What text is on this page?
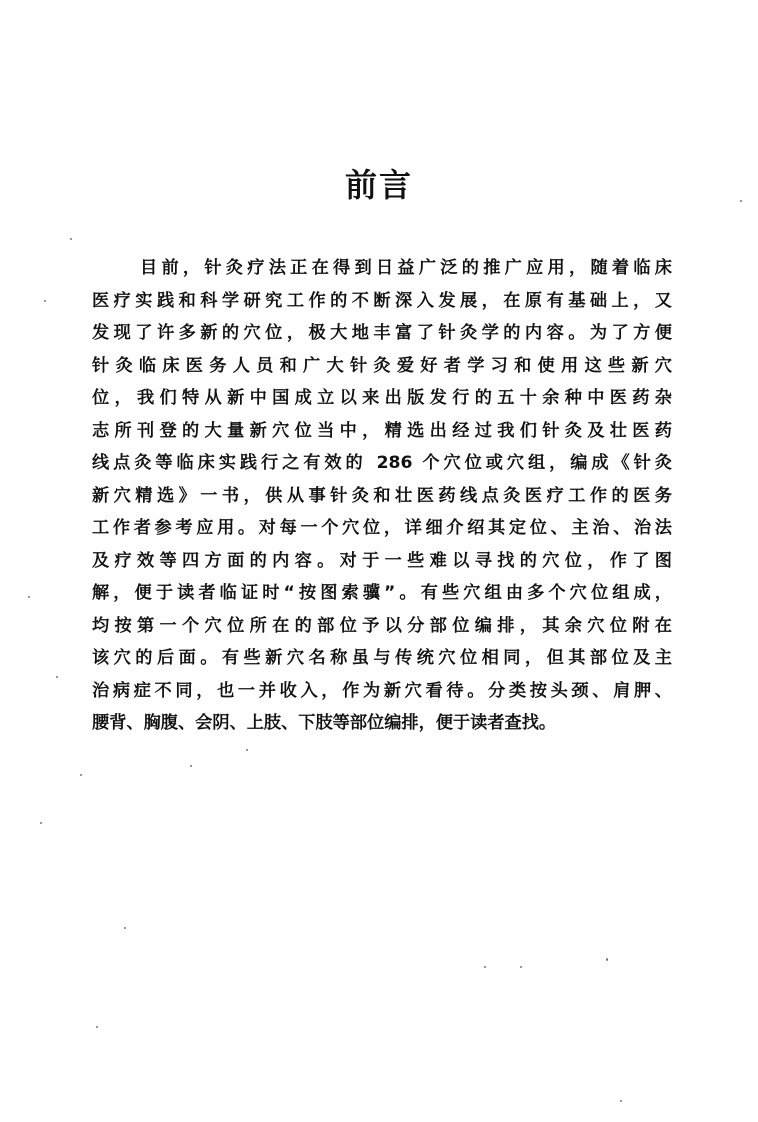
前言
目前，针灸疗法正在得到日益广泛的推广应用，随着临床
医疗实践和科学研究工作的不断深入发展，在原有基础上，又
发现了许多新的穴位，极大地丰富了针灸学的内容。为了方便
针灸临床医务人员和广大针灸爱好者学习和使用这些新穴
位，我们特从新中国成立以来出版发行的五十余种中医药杂
志所刊登的大量新穴位当中，精选出经过我们针灸及壮医药
线点灸等临床实践行之有效的 286 个穴位或穴组，编成《针灸
新穴精选》一书，供从事针灸和壮医药线点灸医疗工作的医务
工作者参考应用。对每一个穴位，详细介绍其定位、主治、治法
及疗效等四方面的内容。对于一些难以寻找的穴位，作了图
解，便于读者临证时“按图索骥”。有些穴组由多个穴位组成，
均按第一个穴位所在的部位予以分部位编排，其余穴位附在
该穴的后面。有些新穴名称虽与传统穴位相同，但其部位及主
治病症不同，也一并收入，作为新穴看待。分类按头颈、肩胛、
腰背、胸腹、会阴、上肢、下肢等部位编排，便于读者查找。
